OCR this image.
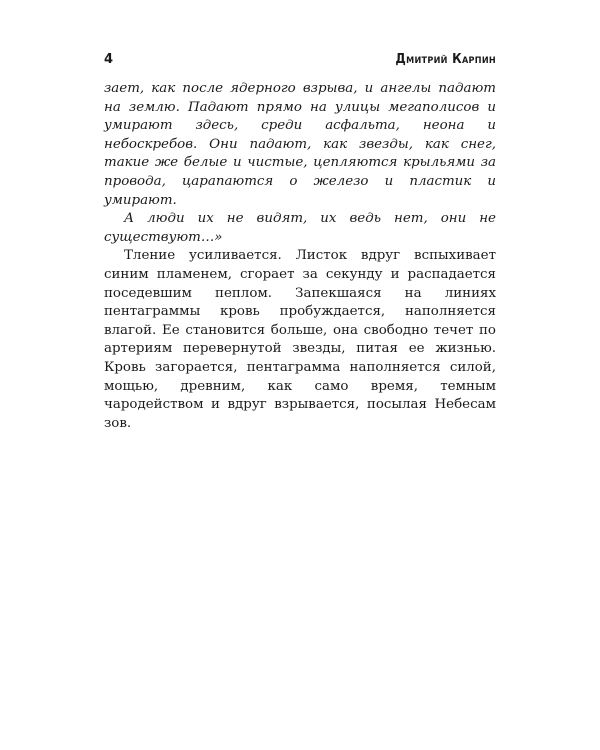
4	Дмитрий Карпин

зает, как после ядерного взрыва, и ангелы падают на землю. Падают прямо на улицы мегаполисов и умирают здесь, среди асфальта, неона и небоскребов. Они падают, как звезды, как снег, такие же белые и чистые, цепляются крыльями за провода, царапаются о железо и пластик и умирают.

А люди их не видят, их ведь нет, они не существуют…»

Тление усиливается. Листок вдруг вспыхивает синим пламенем, сгорает за секунду и распадается поседевшим пеплом. Запекшаяся на линиях пентаграммы кровь пробуждается, наполняется влагой. Ее становится больше, она свободно течет по артериям перевернутой звезды, питая ее жизнью. Кровь загорается, пентаграмма наполняется силой, мощью, древним, как само время, темным чародейством и вдруг взрывается, посылая Небесам зов.
